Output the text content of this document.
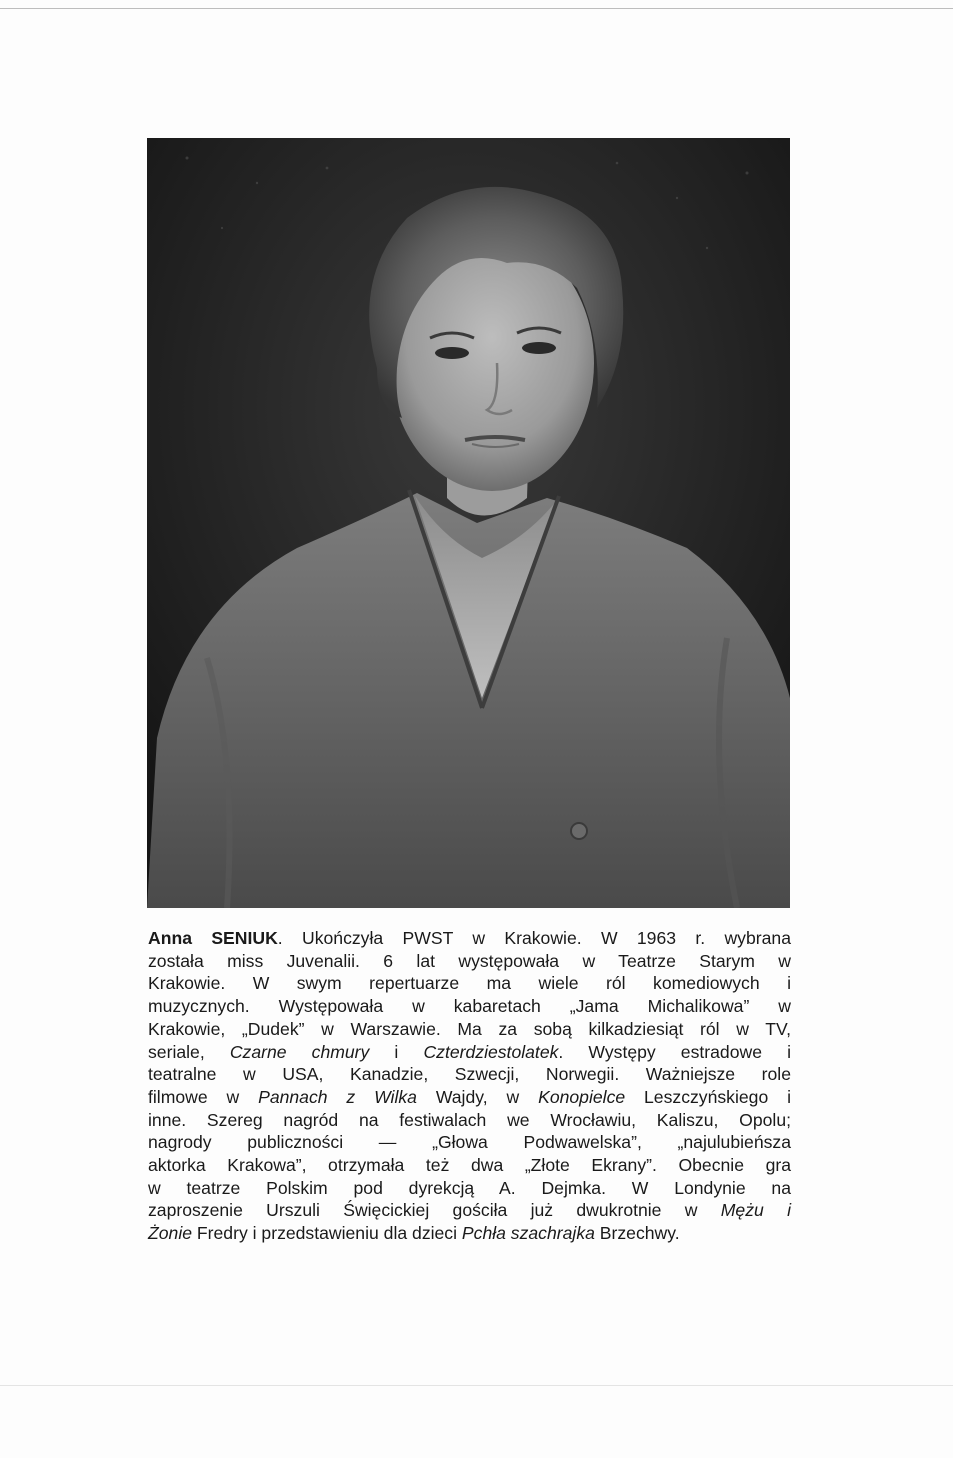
Anna SENIUK. Ukończyła PWST w Krakowie. W 1963 r. wybrana
została miss Juvenalii. 6 lat występowała w Teatrze Starym w
Krakowie. W swym repertuarze ma wiele ról komediowych i
muzycznych. Występowała w kabaretach „Jama Michalikowa” w
Krakowie, „Dudek” w Warszawie. Ma za sobą kilkadziesiąt ról w TV,
seriale, Czarne chmury i Czterdziestolatek. Występy estradowe i
teatralne w USA, Kanadzie, Szwecji, Norwegii. Ważniejsze role
filmowe w Pannach z Wilka Wajdy, w Konopielce Leszczyńskiego i
inne. Szereg nagród na festiwalach we Wrocławiu, Kaliszu, Opolu;
nagrody publiczności — „Głowa Podwawelska”, „najulubieńsza
aktorka Krakowa”, otrzymała też dwa „Złote Ekrany”. Obecnie gra
w teatrze Polskim pod dyrekcją A. Dejmka. W Londynie na
zaproszenie Urszuli Święcickiej gościła już dwukrotnie w Mężu i
Żonie Fredry i przedstawieniu dla dzieci Pchła szachrajka Brzechwy.
